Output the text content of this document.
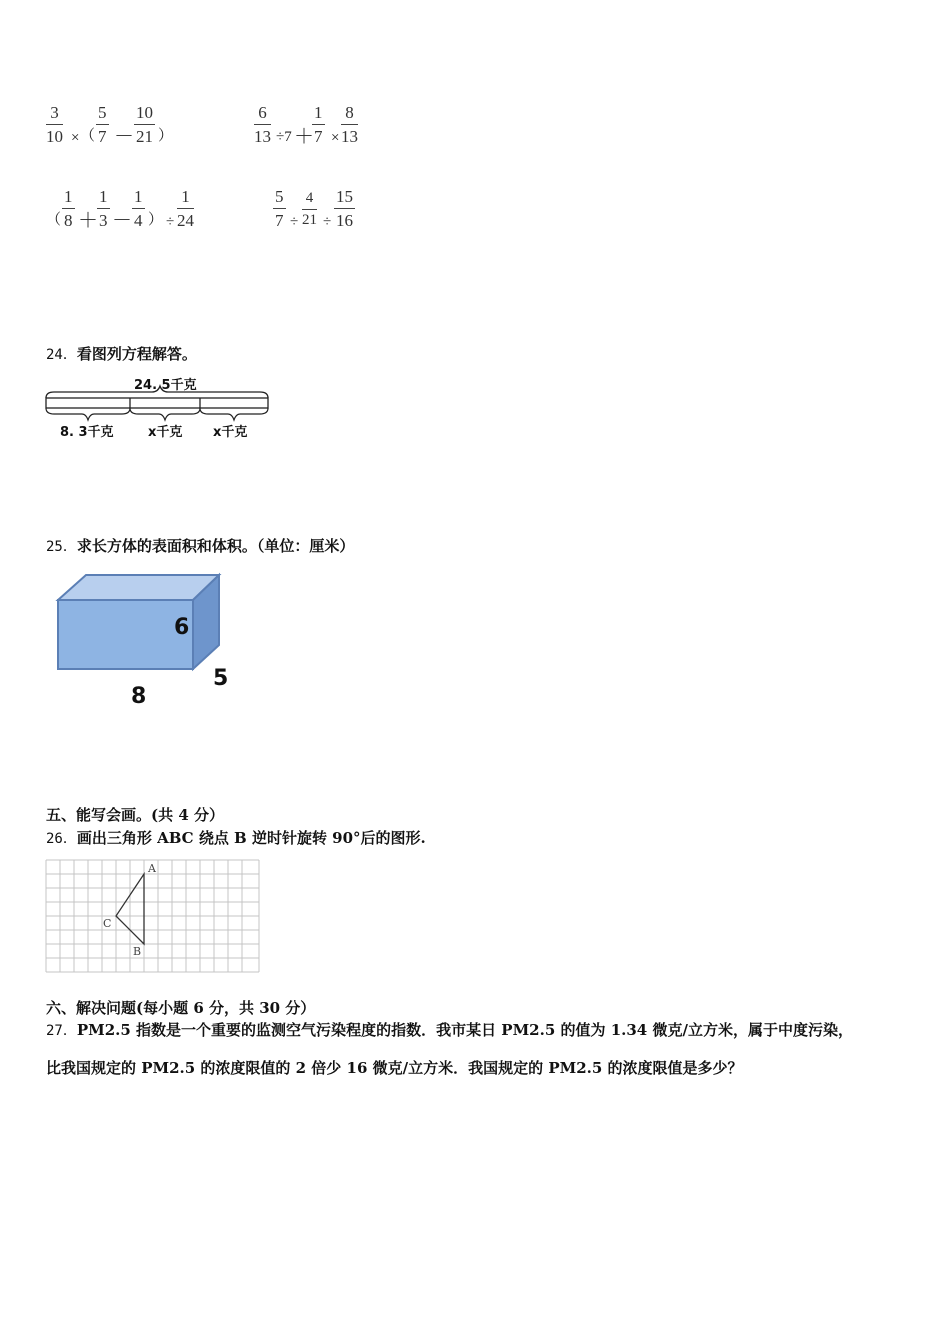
3
10 × （
5
7 －
10
21 ）
6
13 ÷7 ＋
1
7 ×
8
13
（
1
8 ＋
1
3 －
1
4 ） ÷
1
24
5
7 ÷
4
21 ÷
15
16
24．看图列方程解答。
24. 5千克
8. 3千克	x千克 x千克
25．求长方体的表面积和体积。（单位：厘米）
6
5
8
五、能写会画。(共 4 分）
26．画出三角形 ABC 绕点 B 逆时针旋转 90°后的图形.
A
B
C
六、解决问题(每小题 6 分，共 30 分）
27．PM2.5 指数是一个重要的监测空气污染程度的指数．我市某日 PM2.5 的值为 1.34 微克/立方米，属于中度污染，
比我国规定的 PM2.5 的浓度限值的 2 倍少 16 微克/立方米．我国规定的 PM2.5 的浓度限值是多少？
